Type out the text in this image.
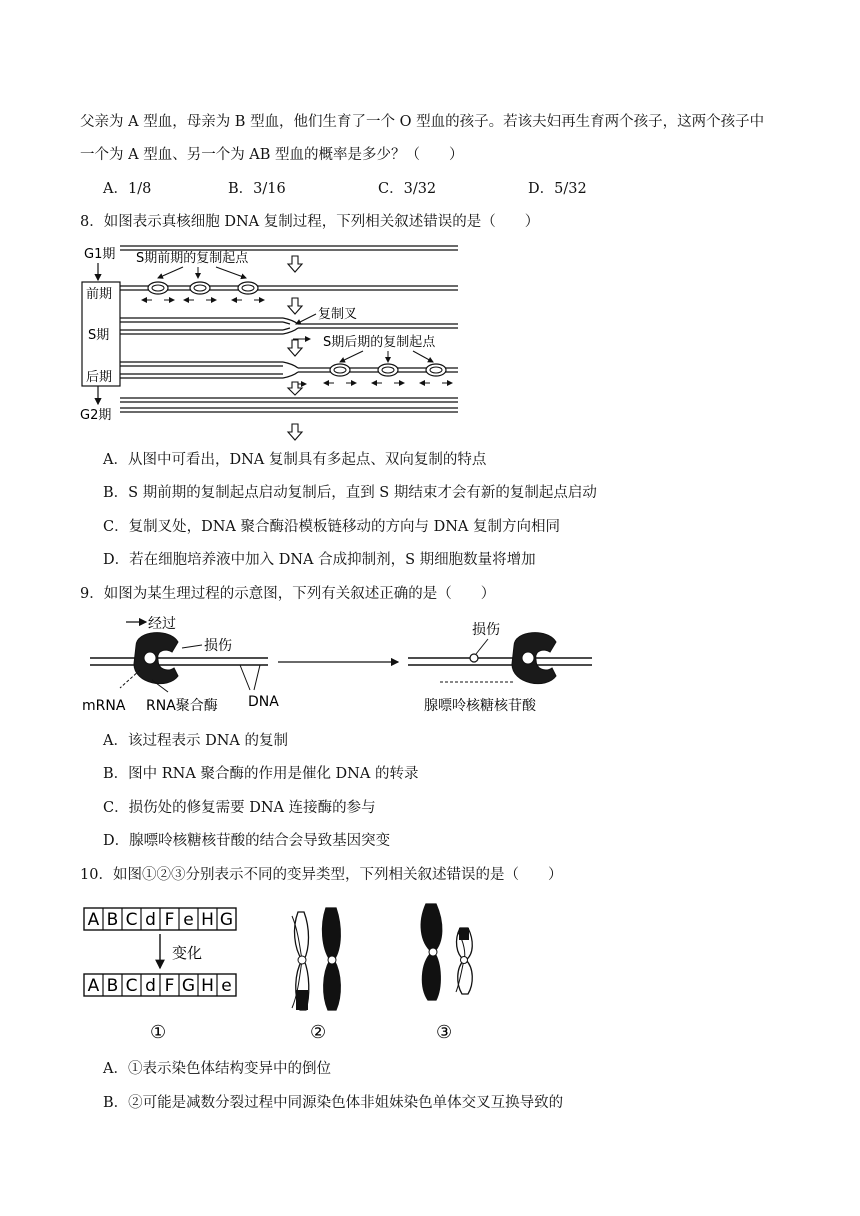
父亲为 A 型血，母亲为 B 型血，他们生育了一个 O 型血的孩子。若该夫妇再生育两个孩子，这两个孩子中
一个为 A 型血、另一个为 AB 型血的概率是多少？（　　）
A．1/8	B．3/16	C．3/32	D．5/32
8．如图表示真核细胞 DNA 复制过程，下列相关叙述错误的是（　　）
G1期
前期
S期
后期
G2期
S期前期的复制起点
复制叉
S期后期的复制起点
A．从图中可看出，DNA 复制具有多起点、双向复制的特点
B．S 期前期的复制起点启动复制后，直到 S 期结束才会有新的复制起点启动
C．复制叉处，DNA 聚合酶沿模板链移动的方向与 DNA 复制方向相同
D．若在细胞培养液中加入 DNA 合成抑制剂，S 期细胞数量将增加
9．如图为某生理过程的示意图，下列有关叙述正确的是（　　）
经过
损伤
mRNA RNA聚合酶 DNA
损伤
腺嘌呤核糖核苷酸
A．该过程表示 DNA 的复制
B．图中 RNA 聚合酶的作用是催化 DNA 的转录
C．损伤处的修复需要 DNA 连接酶的参与
D．腺嘌呤核糖核苷酸的结合会导致基因突变
10．如图①②③分别表示不同的变异类型，下列相关叙述错误的是（　　）
A B C d F e H G
变化
A B C d F G H e
①	②	③
A．①表示染色体结构变异中的倒位
B．②可能是减数分裂过程中同源染色体非姐妹染色单体交叉互换导致的
